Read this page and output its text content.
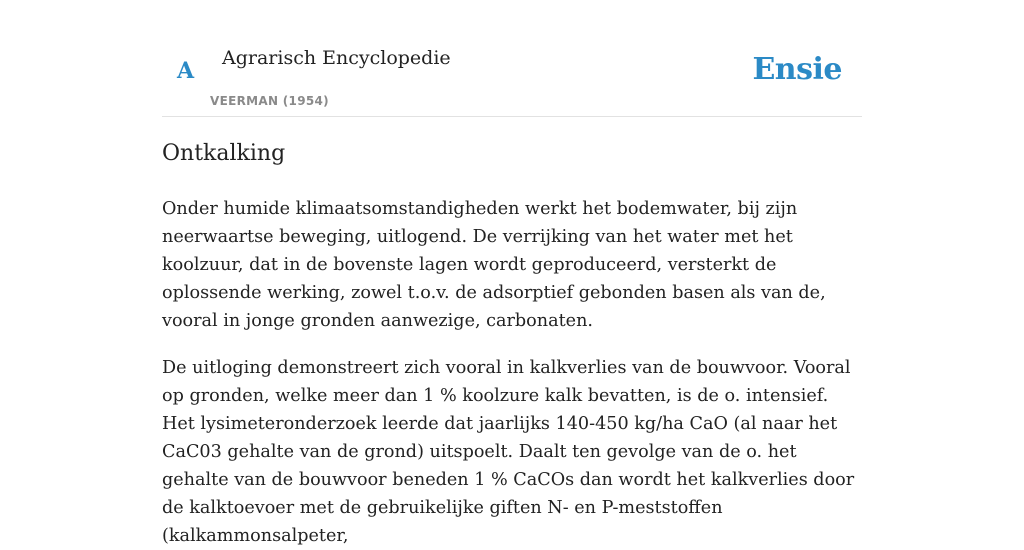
A Agrarisch Encyclopedie
VEERMAN (1954)
Ensie
Ontkalking

Onder humide klimaatsomstandigheden werkt het bodemwater, bij zijn neerwaartse beweging, uitlogend. De verrijking van het water met het koolzuur, dat in de bovenste lagen wordt geproduceerd, versterkt de oplossende werking, zowel t.o.v. de adsorptief gebonden basen als van de, vooral in jonge gronden aanwezige, carbonaten.

De uitloging demonstreert zich vooral in kalkverlies van de bouwvoor. Vooral op gronden, welke meer dan 1 % koolzure kalk bevatten, is de o. intensief. Het lysimeteronderzoek leerde dat jaarlijks 140-450 kg/ha CaO (al naar het CaC03 gehalte van de grond) uitspoelt. Daalt ten gevolge van de o. het gehalte van de bouwvoor beneden 1 % CaCOs dan wordt het kalkverlies door de kalktoevoer met de gebruikelijke giften N- en P-meststoffen (kalkammonsalpeter,
